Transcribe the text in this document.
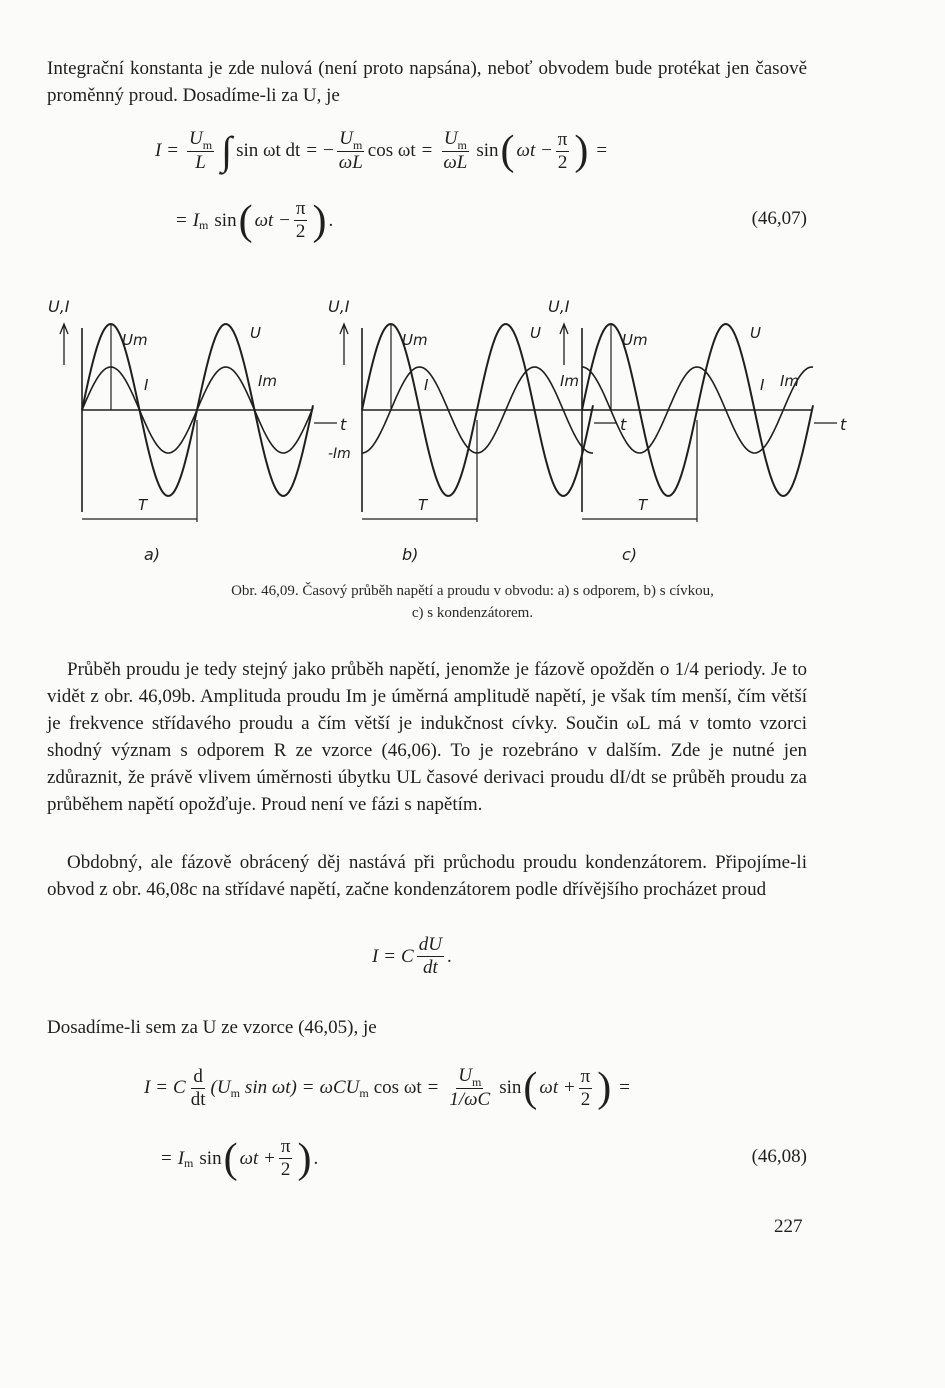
Integrační konstanta je zde nulová (není proto napsána), neboť obvodem bude protékat jen časově proměnný proud. Dosadíme-li za U, je

$I = \frac{U_m}{L}$ ∫ sin ωt dt = − $\frac{U_m}{\omega L}$ $\cos \omega t = \frac{U_m}{\omega L}$ sin ( $\omega t - \frac{\pi}{2}$ ) =
= I m sin ( $\omega t - \frac{\pi}{2}$ ) .	(46,07)
U,I
t
Um	U
I	Im
-Im
T
a)
U,I
t
Um	U
I	Im
T
b)
U,I
t
Um	U
I Im
T
c)
Obr. 46,09. Časový průběh napětí a proudu v obvodu: a) s odporem, b) s cívkou,
c) s kondenzátorem.

Průběh proudu je tedy stejný jako průběh napětí, jenomže je fázově opožděn o 1/4 periody. Je to vidět z obr. 46,09b. Amplituda proudu Im je úměrná amplitudě napětí, je však tím menší, čím větší je frekvence střídavého proudu a čím větší je indukčnost cívky. Součin ωL má v tomto vzorci shodný význam s odporem R ze vzorce (46,06). To je rozebráno v dalším. Zde je nutné jen zdůraznit, že právě vlivem úměrnosti úbytku UL časové derivaci proudu dI/dt se průběh proudu za průběhem napětí opožďuje. Proud není ve fázi s napětím.

Obdobný, ale fázově obrácený děj nastává při průchodu proudu kondenzátorem. Připojíme-li obvod z obr. 46,08c na střídavé napětí, začne kondenzátorem podle dřívějšího procházet proud

I = C $\frac{dU}{dt}$ .

Dosadíme-li sem za U ze vzorce (46,05), je

I = C $\frac{d}{dt} (U$ m sin ωt) = ωCU m $\cos \omega t = \frac{U_m}{1/\omega C}$ sin ( $\omega t + \frac{\pi}{2}$ ) =
= I m sin ( $\omega t + \frac{\pi}{2}$ ) .	(46,08)
227
